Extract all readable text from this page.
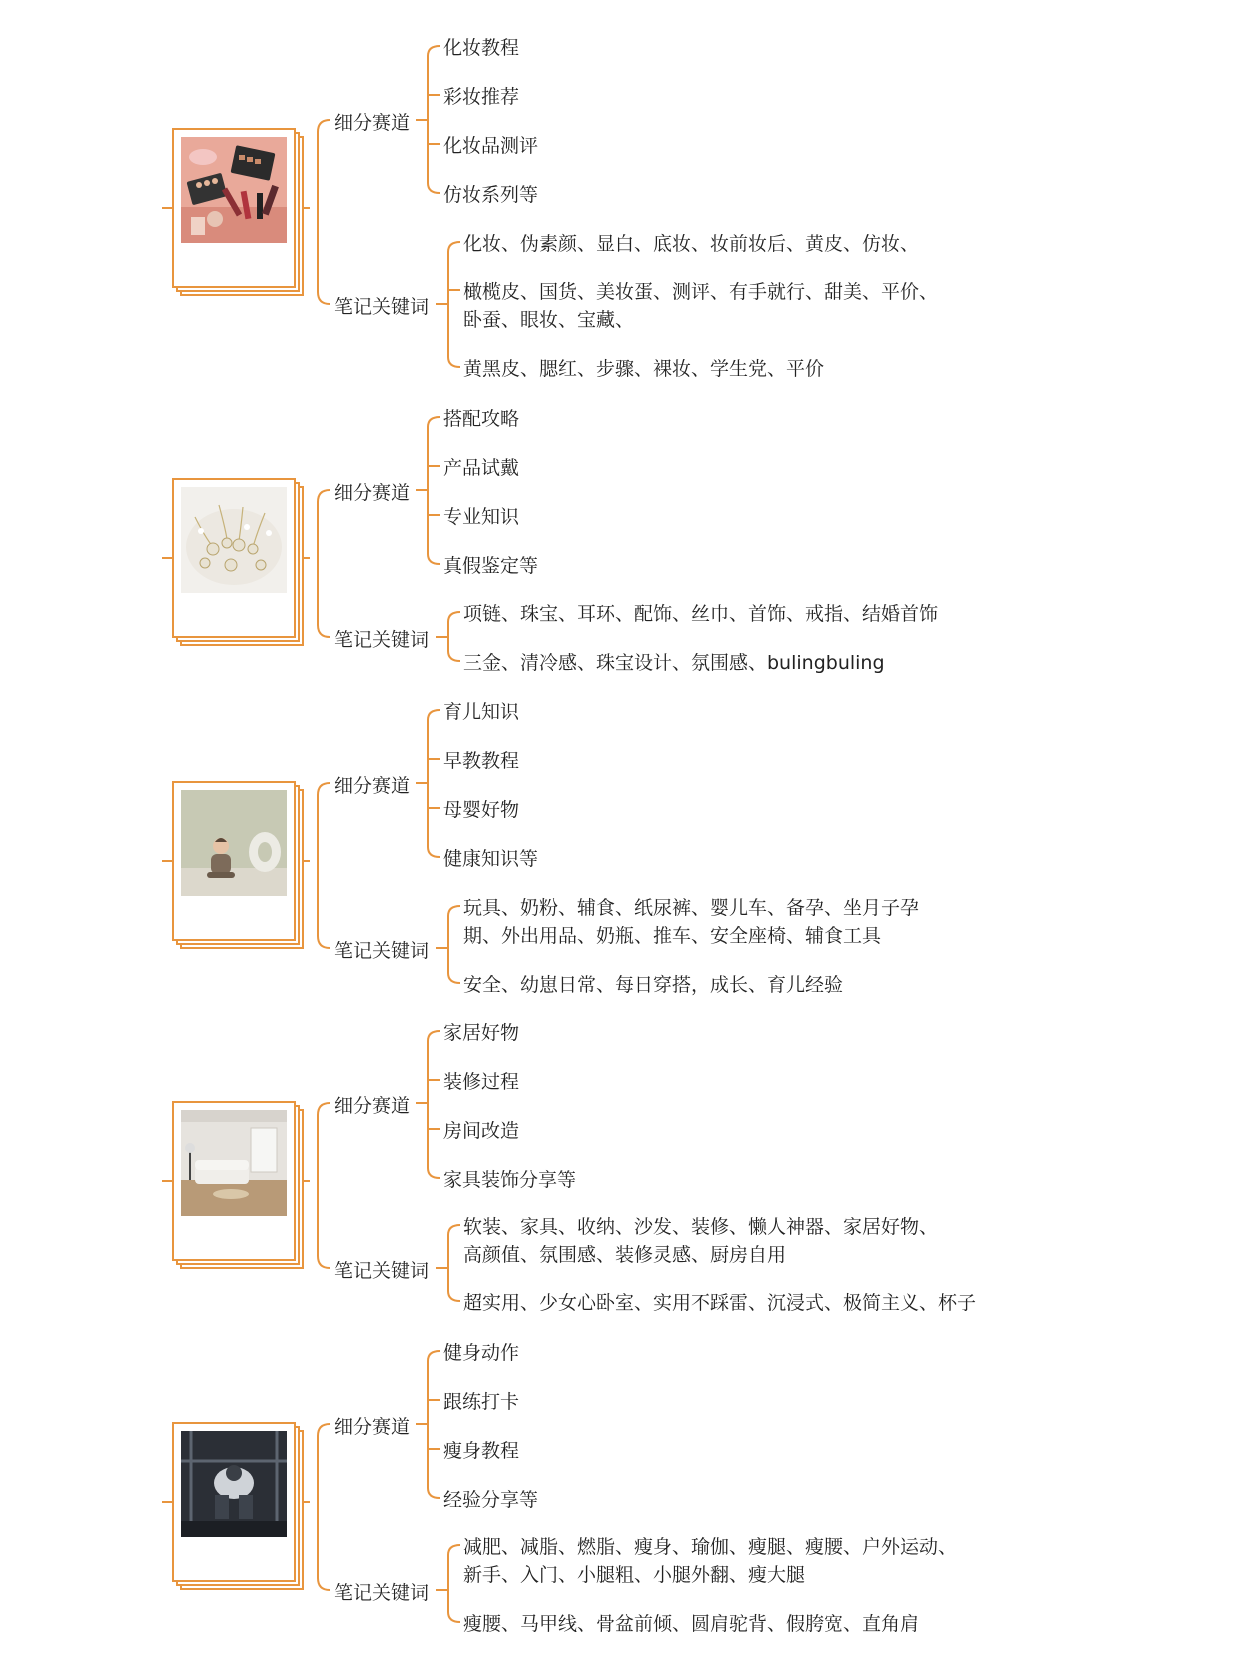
细分赛道
笔记关键词
化妆教程
彩妆推荐
化妆品测评
仿妆系列等
化妆、伪素颜、显白、底妆、妆前妆后、黄皮、仿妆、
橄榄皮、国货、美妆蛋、测评、有手就行、甜美、平价、
卧蚕、眼妆、宝藏、
黄黑皮、腮红、步骤、裸妆、学生党、平价
细分赛道
笔记关键词
搭配攻略
产品试戴
专业知识
真假鉴定等
项链、珠宝、耳环、配饰、丝巾、首饰、戒指、结婚首饰
三金、清冷感、珠宝设计、氛围感、bulingbuling
细分赛道
笔记关键词
育儿知识
早教教程
母婴好物
健康知识等
玩具、奶粉、辅食、纸尿裤、婴儿车、备孕、坐月子孕
期、外出用品、奶瓶、推车、安全座椅、辅食工具
安全、幼崽日常、每日穿搭，成长、育儿经验
细分赛道
笔记关键词
家居好物
装修过程
房间改造
家具装饰分享等
软装、家具、收纳、沙发、装修、懒人神器、家居好物、
高颜值、氛围感、装修灵感、厨房自用
超实用、少女心卧室、实用不踩雷、沉浸式、极简主义、杯子
细分赛道
笔记关键词
健身动作
跟练打卡
瘦身教程
经验分享等
减肥、减脂、燃脂、瘦身、瑜伽、瘦腿、瘦腰、户外运动、
新手、入门、小腿粗、小腿外翻、瘦大腿
瘦腰、马甲线、骨盆前倾、圆肩驼背、假胯宽、直角肩
